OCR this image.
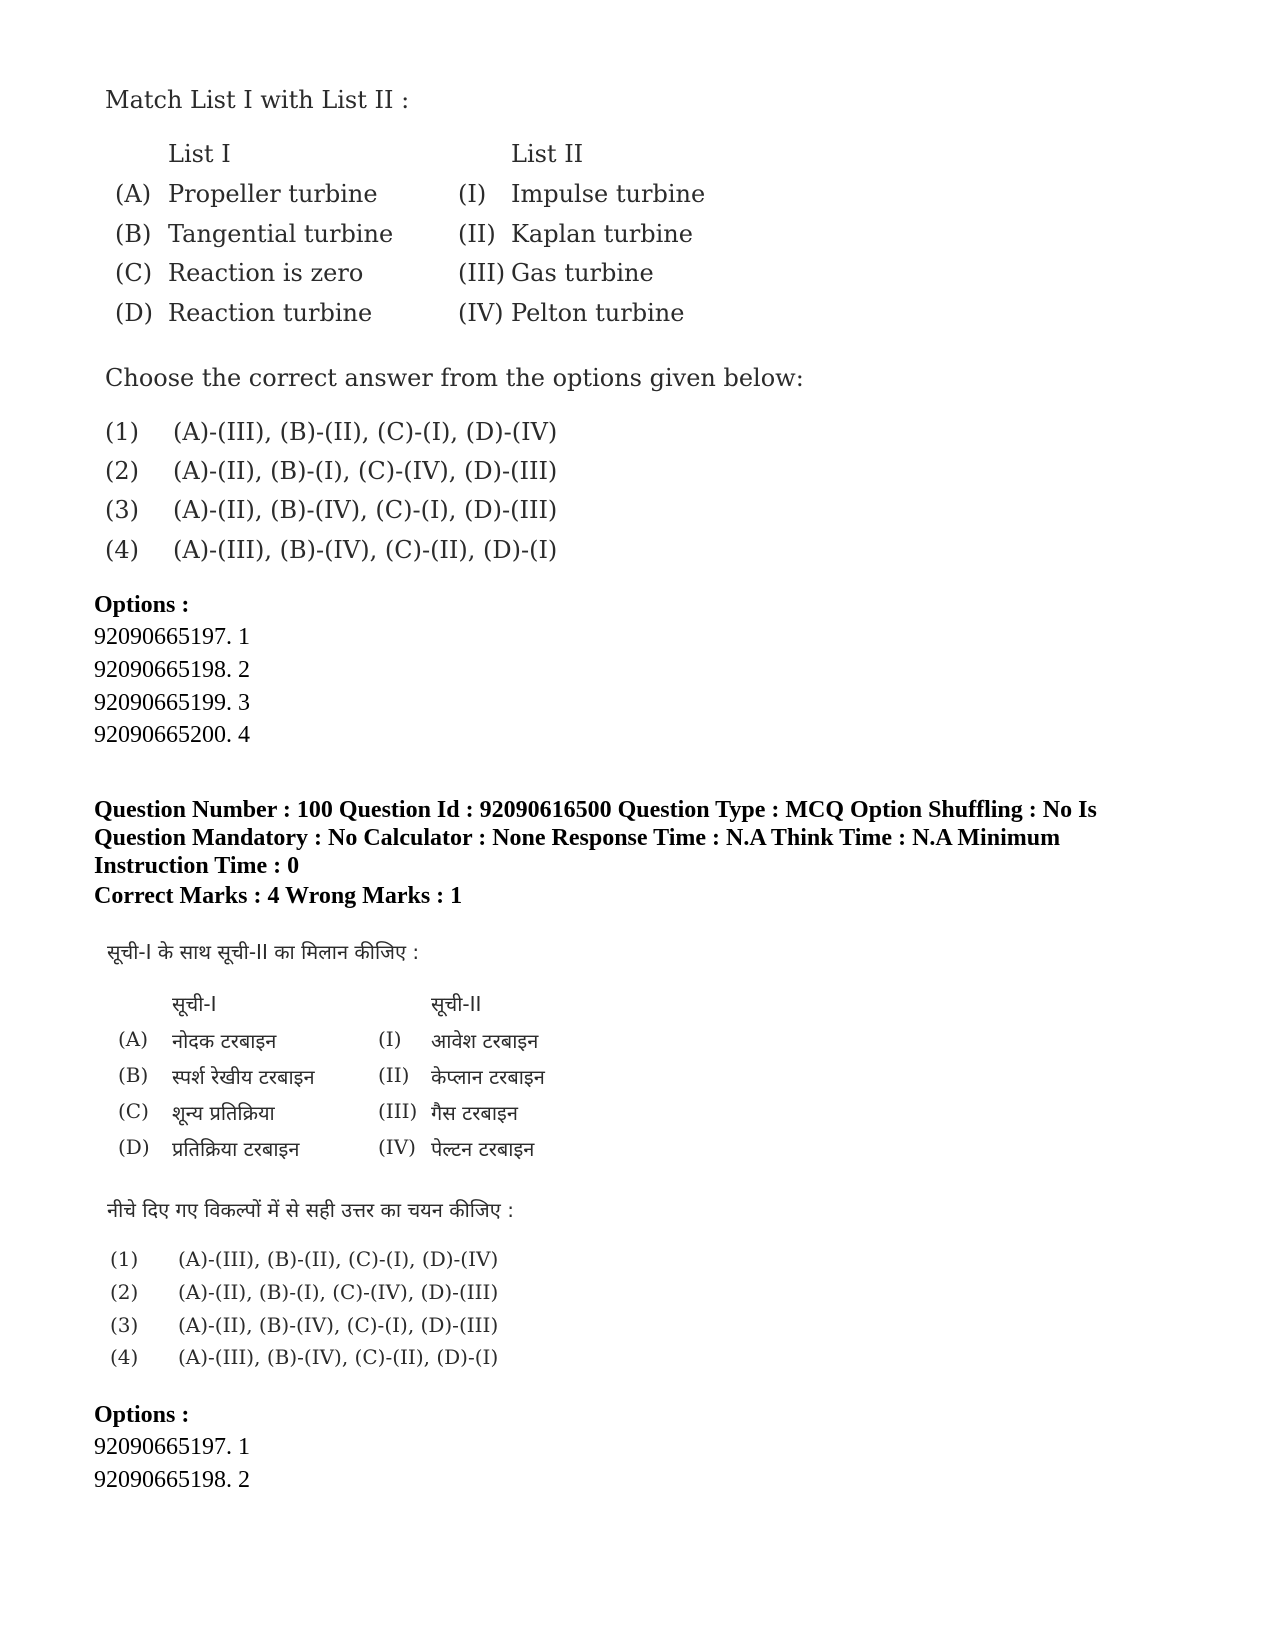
Match List I with List II :
List I	List II
(A) Propeller turbine	(I) Impulse turbine
(B) Tangential turbine	(II) Kaplan turbine
(C) Reaction is zero	(III) Gas turbine
(D) Reaction turbine	(IV) Pelton turbine
Choose the correct answer from the options given below:
(1) (A)-(III), (B)-(II), (C)-(I), (D)-(IV)
(2) (A)-(II), (B)-(I), (C)-(IV), (D)-(III)
(3) (A)-(II), (B)-(IV), (C)-(I), (D)-(III)
(4) (A)-(III), (B)-(IV), (C)-(II), (D)-(I)
Options :
92090665197. 1
92090665198. 2
92090665199. 3
92090665200. 4
Question Number : 100 Question Id : 92090616500 Question Type : MCQ Option Shuffling : No Is Question Mandatory : No Calculator : None Response Time : N.A Think Time : N.A Minimum Instruction Time : 0
Correct Marks : 4 Wrong Marks : 1
सूची-I के साथ सूची-II का मिलान कीजिए :
सूची-I	सूची-II
(A) नोदक टरबाइन	(I) आवेश टरबाइन
(B) स्पर्श रेखीय टरबाइन	(II) केप्लान टरबाइन
(C) शून्य प्रतिक्रिया	(III) गैस टरबाइन
(D) प्रतिक्रिया टरबाइन	(IV) पेल्टन टरबाइन
नीचे दिए गए विकल्पों में से सही उत्तर का चयन कीजिए :
(1) (A)-(III), (B)-(II), (C)-(I), (D)-(IV)
(2) (A)-(II), (B)-(I), (C)-(IV), (D)-(III)
(3) (A)-(II), (B)-(IV), (C)-(I), (D)-(III)
(4) (A)-(III), (B)-(IV), (C)-(II), (D)-(I)
Options :
92090665197. 1
92090665198. 2
